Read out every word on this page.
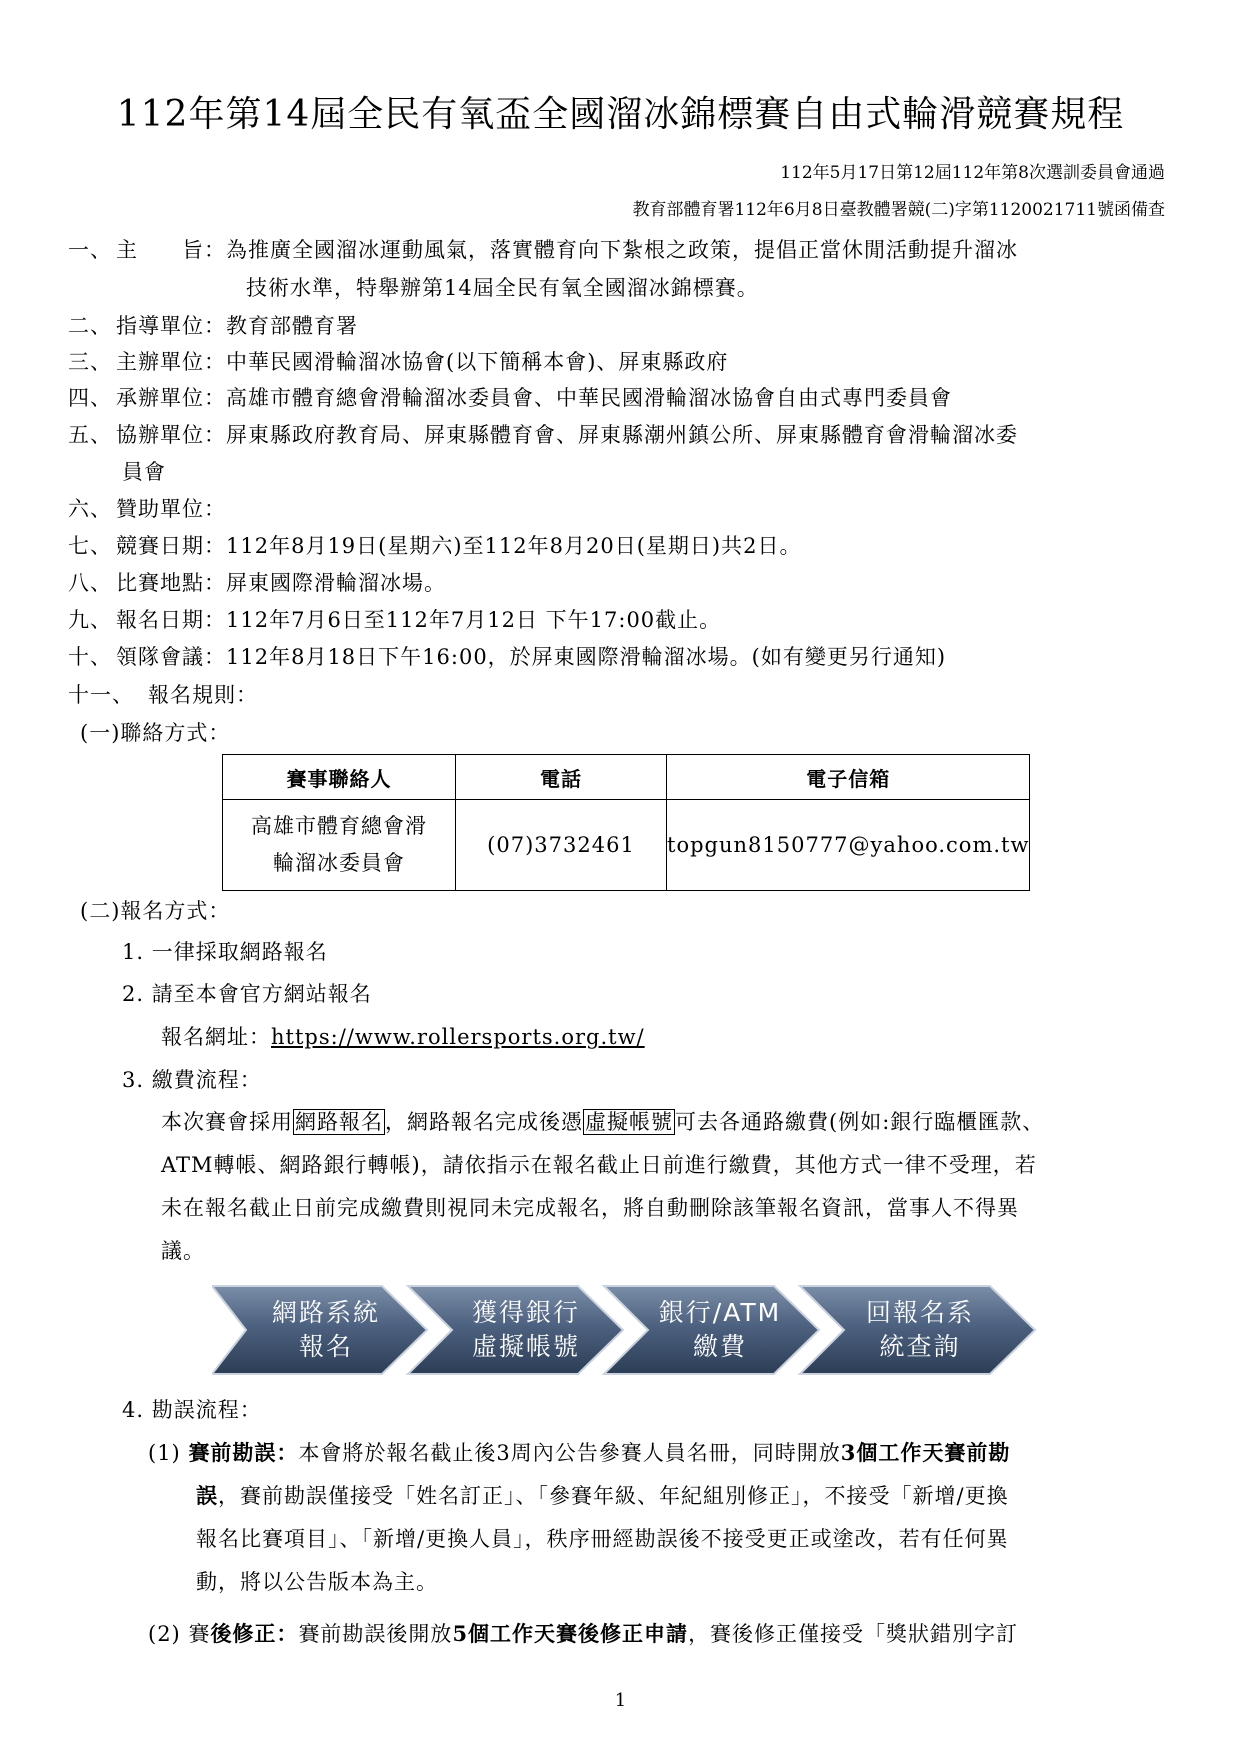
112年第14屆全民有氧盃全國溜冰錦標賽自由式輪滑競賽規程
112年5月17日第12屆112年第8次選訓委員會通過
教育部體育署112年6月8日臺教體署競(二)字第1120021711號函備查
一、 主　　旨：為推廣全國溜冰運動風氣，落實體育向下紮根之政策，提倡正當休閒活動提升溜冰
技術水準，特舉辦第14屆全民有氧全國溜冰錦標賽。
二、 指導單位：教育部體育署
三、 主辦單位：中華民國滑輪溜冰協會(以下簡稱本會)、屏東縣政府
四、 承辦單位：高雄市體育總會滑輪溜冰委員會、中華民國滑輪溜冰協會自由式專門委員會
五、 協辦單位：屏東縣政府教育局、屏東縣體育會、屏東縣潮州鎮公所、屏東縣體育會滑輪溜冰委
員會
六、 贊助單位：
七、 競賽日期：112年8月19日(星期六)至112年8月20日(星期日)共2日。
八、 比賽地點：屏東國際滑輪溜冰場。
九、 報名日期：112年7月6日至112年7月12日 下午17:00截止。
十、 領隊會議：112年8月18日下午16:00，於屏東國際滑輪溜冰場。(如有變更另行通知)
十一、 報名規則：
(一)聯絡方式：
賽事聯絡人	電話	電子信箱

高雄市體育總會滑
輪溜冰委員會	(07)3732461	topgun8150777@yahoo.com.tw
(二)報名方式：
1. 一律採取網路報名
2. 請至本會官方網站報名
報名網址：https://www.rollersports.org.tw/
3. 繳費流程：
本次賽會採用網路報名，網路報名完成後憑虛擬帳號可去各通路繳費(例如:銀行臨櫃匯款、
ATM轉帳、網路銀行轉帳)，請依指示在報名截止日前進行繳費，其他方式一律不受理，若
未在報名截止日前完成繳費則視同未完成報名，將自動刪除該筆報名資訊，當事人不得異
議。
網路系統
報名
獲得銀行
虛擬帳號
銀行/ATM
繳費
回報名系
統查詢
4. 勘誤流程：
(1) 賽前勘誤：本會將於報名截止後3周內公告參賽人員名冊，同時開放3個工作天賽前勘
誤，賽前勘誤僅接受「姓名訂正」、「參賽年級、年紀組別修正」，不接受「新增/更換
報名比賽項目」、「新增/更換人員」，秩序冊經勘誤後不接受更正或塗改，若有任何異
動，將以公告版本為主。
(2) 賽後修正：賽前勘誤後開放5個工作天賽後修正申請，賽後修正僅接受「獎狀錯別字訂
1
